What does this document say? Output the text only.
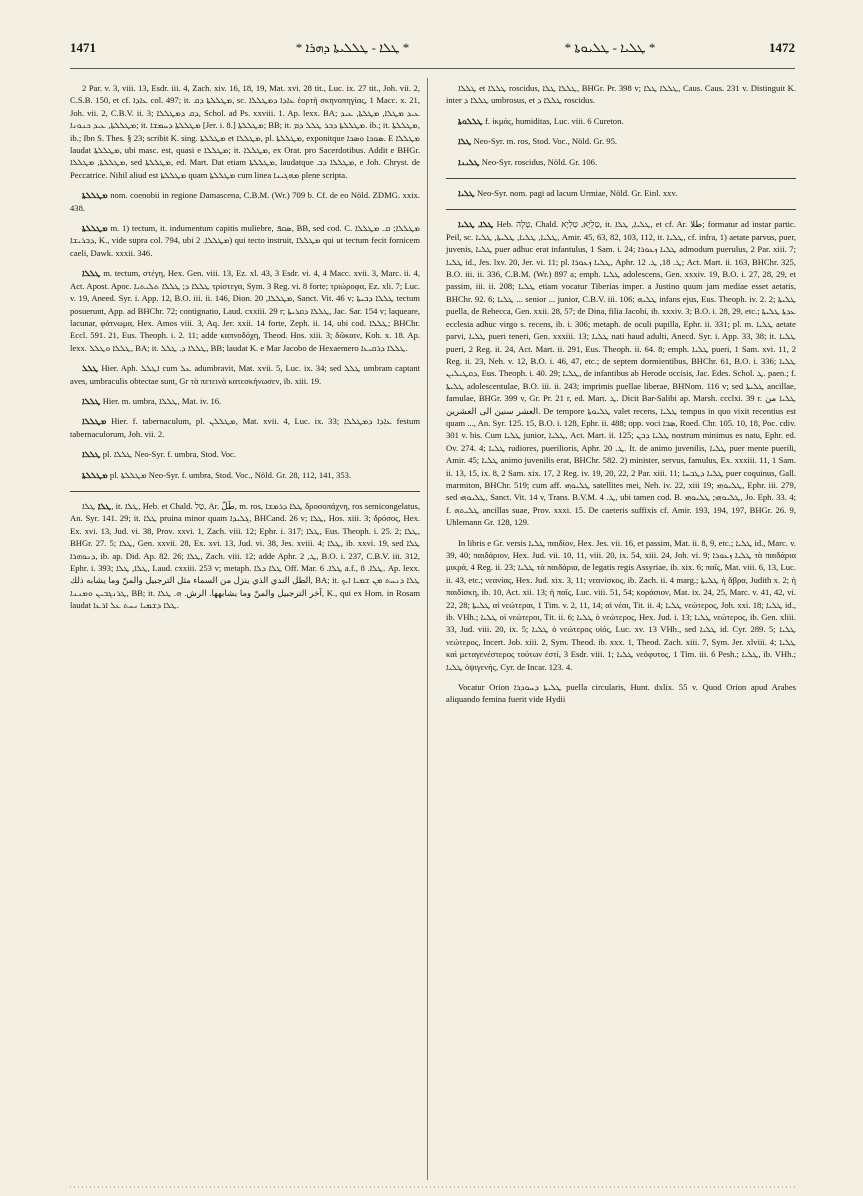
1471	* ܛܠܐ - ܛܠܠܝܬܐ ܕܗܪܐ *	* ܛܠܝܐ - ܛܠܝܘܬܐ *	1472

2 Par. v. 3, viii. 13, Esdr. iii. 4, Zach. xiv. 16, 18, 19, Mat. xvi. 28 tit., Luc. ix. 27 tit., Joh. vii. 2, C.S.B. 150, et cf. ܥܐܕܐ col. 497; it. ܡܛܠܠܬܐ ܕܩ, sc. ܥܐܕܐ ܕܡܛܠܠܐ ἑορτὴ σκηνοπηγίας, 1 Macc. x. 21, Joh. vii. 2, C.B.V. ii. 3; ܕܩ ܕܡܛܠܠܐ, Schol. ad Ps. xxviii. 1. Ap. lexx. BA; ܥܝܕ ܡܛܠܐ, ܡܛܠܬܐ, ܥܝܕ ܡܛܠܠܬܐ, ܥܝܕ ܟܢܘܢܐ; it. ܡܛܠܠܬܐ ܕܚܡܫܐ [Jer. i. 8.] ܡܛܠܠܬܐ; BB; it. ܡܛܠܠܬܐ ܕܒܪ ܛܠܠ ܕܡ. ib.; it. ܡܛܠܠܬܐ, ib.; Ibn S. Thes. § 23; scribit K. sing. ܡܛܠܠܬܐ et ܡܛܠܠܐ, pl. ܡܛܠܠܬܐ, exponitque ܣܘܟܐ ܘܣܟܐ. E ܡܛܠܠܐ laudat ܡܛܠܠܬܐ, ubi masc. est, quasi e ܡܛܠܠܐ; it. ܡܛܠܠܐ, ex Orat. pro Sacerdotibus. Addit e BHGr. ܡܛܠܠܬܐ, ܡܛܠܠܐ, sed ܡܛܠܠܬܐ, ed. Mart. Dat etiam ܡܛܠܠܬܐ, laudatque ܡܛܠܠܐ ܕܒ, e Joh. Chryst. de Peccatrice. Nihil aliud est ܡܛܠܠܬܐ quam ܡܛܠܠܬܐ cum linea ܡܗܓܝܢܐ plene scripta.

ܡܛܠܠܬܐ nom. coenobii in regione Damascena, C.B.M. (Wr.) 709 b. Cf. de eo Nöld. ZDMG. xxix. 438.

ܡܛܠܠܬܐ m. 1) tectum, it. indumentum capitis muliebre, ܣܩܦ, BB, sed cod. C. ܡܛܠܠܐ; ܩ. ܡܛܠܠܐ ܕܒܪܝܫܐ, K., vide supra col. 794, ubi ܡܛܠܠܐ. 2) qui tecto instruit, ܡܛܠܠܐ qui ut tectum fecit fornicem caeli, Dawk. xxxii. 346.

ܛܠܠܐ m. tectum, στέγη, Hex. Gen. viii. 13, Ez. xl. 43, 3 Esdr. vi. 4, 4 Macc. xvii. 3, Marc. ii. 4, Act. Apost. Apoc. ܛܠܠܐ ܕ; ܛܠܠܐ ܬܠܝܬܝܐ τρίστεγα, Sym. 3 Reg. vi. 8 forte; τριώροφα, Ez. xli. 7; Luc. v. 19, Aneed. Syr. i. App. 12, B.O. iii. ii. 146, Dion. ܡܛܠܠܐ, 20, Sanct. Vit. 46 v; ܛܠܠܐ ܕܒܝܬܐ tectum posuerunt, App. ad BHChr. 72; contignatio, Laud. cxxiii. 29 r; ܛܠܠܐ ܕܩܪܝܬܐ, Jac. Sar. 154 v; laqueare, lacunar, φάτνωμα, Hex. Amos viii. 3, Aq. Jer. xxii. 14 forte, Zeph. ii. 14, ubi cod. ܛܠܠܐ; BHChr. Eccl. 591. 21, Eus. Theoph. i. 2. 11; adde καπνοδόχη, Theod. Hos. xiii. 3; δῶκαιν, Koh. x. 18. Ap. lexx. ܛܠܠܐ ܘܛܠܠ, BA; it. ܛܠܠܐ ܕ. ܛܠܠ, BB; laudat K. e Mar Jacobo de Hexaemero ܛܠܠܐ ܕܪܩܝܥܐ.

ܛܠܠ Hier. Aph. ܐܛܠܠ cum ܥܠ adumbravit, Mat. xvii. 5, Luc. ix. 34; sed ܛܠܠ umbram captant aves, umbraculis obtectae sunt, Gr τὰ πετεινὰ κατεσκήνωσεν, ib. xiii. 19.

ܛܠܠܐ Hier. m. umbra, ܛܠܠܐ, Mat. iv. 16.

ܡܛܠܠܐ Hier. f. tabernaculum, pl. ܡܛܠܠܢ, Mat. xvii. 4, Luc. ix. 33; ܥܐܕܐ ܕܡܛܠܠܐ festum tabernaculorum, Joh. vii. 2.

ܛܠܠܐ pl. ܛܠܠܐ Neo-Syr. f. umbra, Stod. Voc.

ܡܛܠܠܬܐ pl. ܡܛܠܠܬܐ Neo-Syr. f. umbra, Stod. Voc., Nöld. Gr. 28, 112, 141, 353.

ܛܠܐ ܛܠܐ, it. ܛܠܐ, Heb. et Chald. טַל, Ar. طَلّ, m. ros, ܛܠܐ ܕܪܡܫܐ δροσοπάχνη, ros semicongelatus, An. Syr. 141. 29; it. ܛܠܐ pruina minor quam ܓܠܝܕܐ, BHCand. 26 v; ܛܠܐ, Hos. xiii. 3; δρόσος, Hex. Ex. xvi. 13, Jud. vi. 38, Prov. xxvi. 1, Zach. viii. 12; Ephr. i. 317; ܛܠܐ, Eus. Theoph. i. 25. 2; ܛܠܐ, BHGr. 27. 5; ܛܠܐ, Gen. xxvii. 28, Ex. xvi. 13, Jud. vi. 38, Jes. xviii. 4; ܛܠܐ, ib. xxvi. 19, sed ܛܠܐ ܕܢܘܗܪܐ, ib. ap. Did. Ap. 82. 26; ܛܠܐ, Zach. viii. 12; adde Aphr. ܛ, 2, B.O. i. 237, C.B.V. iii. 312, Ephr. i. 393; ܛܠܐ, ܛܠܐ, Laud. cxxiii. 253 v; metaph. ܛܠܐ ܕܠܐ Off. Mar. ܛܠܐ. 6 a.f., ܛܠܐ. 8. Ap. lexx. الطل الندي الذي ينزل من السماء مثل الترجبيل والمنّ وما يشابه ذلك, BA; it. ܛܠܐ ܕܢܚܬ ܡܢ ܫܡܝܐ ܐܝܟ ܛܪܢܓܒܝܢ ܘܡܢܢܐ, BB; it. آخر الترجبيل والمنّ وما يشابهها. الرش. ܗ. ܛܠܐ, K., qui ex Hom. in Rosam laudat ܛܠܐ ܕܫܡܝܐ ܢܚܬ ܥܠ ܐܪܥܐ.

ܛܠܠܐ et ܛܠܠܐ roscidus, ܛܠܠܐ ܛܠܐ, BHGr. Pr. 398 v; ܛܠܠܐ ܛܠܐ, Caus. Caus. 231 v. Distinguit K. inter ܛܠܠܐ ܕ umbrosus, et ܛܠܠܐ ܕ roscidus.

ܛܠܠܘܬܐ f. ἰκμάς, humiditas, Luc. viii. 6 Cureton.

ܛܠܐ Neo-Syr. m. ros, Stod. Voc., Nöld. Gr. 95.

ܛܠܝܢܐ Neo-Syr. roscidus, Nöld. Gr. 106.

ܛܠܝܐ Neo-Syr. nom. pagi ad lacum Urmiae, Nöld. Gr. Einl. xxv.

ܛܠܐ, ܛܠܝܐ Heb. טָלֶה, Chald. טַלְיָא, טַלְיָא, it. ܛܠܝܐ, ܛܠܐ, et cf. Ar. طلا; formatur ad instar partic. Peil, sc. ܛܠܝܐ, ܛܠܝܐ, ܛܠܝܬܐ, ܛܠܝܐ, Amir. 45, 63, 82, 103, 112, it. ܛܠܝܐ, cf. infra, 1) aetate parvus, puer, juvenis, ܛܠܝܐ puer adhuc erat infantulus, 1 Sam. i. 24; ܛܠܝܐ ܙܥܘܪܐ admodum puerulus, 2 Par. xiii. 7; ܛܠܝܐ id., Jes. lxv. 20, Jer. vi. 11; pl. ܛܠܝܐ ܙܥܘܪܐ, Aphr. ܛ. 18, ܛ. 12; Act. Mart. ii. 163, BHChr. 325, B.O. iii. ii. 336, C.B.M. (Wr.) 897 a; emph. ܛܠܝܐ adolescens, Gen. xxxiv. 19, B.O. i. 27, 28, 29, et passim, iii. ii. 208; ܛܠܝܐ etiam vocatur Tiberias imper. a Justino quum jam mediae esset aetatis, BHChr. 92. 6; ܛܠܝܐ ... senior ... junior, C.B.V. iii. 106; ܛܠܝܗ infans ejus, Eus. Theoph. iv. 2. 2; ܛܠܝܬܐ puella, de Rebecca, Gen. xxii. 28, 57; de Dina, filia Jacobi, ib. xxxiv. 3; B.O. i. 28, 29, etc.; ܥܕܬܐ ܛܠܝܬܐ ecclesia adhuc virgo s. recens, ib. i. 306; metaph. de oculi pupilla, Ephr. ii. 331; pl. m. ܛܠܝܐ aetate parvi, ܛܠܝܐ pueri teneri, Gen. xxxiii. 13; ܛܠܝܐ nati haud adulti, Anecd. Syr. i. App. 33, 38; it. ܛܠܝܐ pueri, 2 Reg. ii. 24, Act. Mart. ii. 291, Eus. Theoph. ii. 64. 8; emph. ܛܠܝܐ pueri, 1 Sam. xvi. 11, 2 Reg. ii. 23, Neh. v. 12, B.O. i. 46, 47, etc.; de septem dormientibus, BHChr. 61, B.O. i. 336; ܛܠܝܐ ܕܩܛܝܠܝܢ, Eus. Theoph. i. 40. 29; ܛܠܝܐ, de infantibus ab Herode occisis, Jac. Edes. Schol. ܛ. paen.; f. ܛܠܝܬܐ adolescentulae, B.O. iii. ii. 243; imprimis puellae liberae, BHNom. 116 v; sed ܛܠܝܬܐ ancillae, famulae, BHGr. 399 v, Gr. Pr. 21 r, ed. Mart. ܛ. Dicit Bar-Salibi ap. Marsh. ccclxi. 39 r. ܛܠܝܐ من العشر سنين الى العشرين. De tempore ܛܠܝܘܬܐ valet recens, ܛܠܝܐ tempus in quo vixit recentius est quam ..., An. Syr. 125. 15, B.O. i. 128, Ephr. ii. 488; opp. voci ܣܒܐ, Roed. Chr. 105. 10, 18, Poc. cdiv. 301 v. bis. Cum ܛܠܝܐ junior, ܛܠܝܐ, Act. Mart. ii. 125; ܛܠܝܐ ܕܒܢ nostrum minimus es natu, Ephr. ed. Ov. 274. 4; ܛܠܝܐ rudiores, puerilioris, Aphr. ܛ. 20. It. de animo juvenilis, ܛܠܝܐ puer mente puerili, Amir. 45; ܛܠܝܐ animo juvenilis erat, BHChr. 582. 2) minister, servus, famulus, Ex. xxxiii. 11, 1 Sam. ii. 13, 15, ix. 8, 2 Sam. xix. 17, 2 Reg. iv. 19, 20, 22, 2 Par. xiii. 11; ܛܠܝܐ ܕܛܒܚܐ puer coquinus, Gall. marmiton, BHChr. 519; cum aff. ܛܠܝܘܗܝ satellites mei, Neh. iv. 22, xiii 19; ܛܠܝܘܗܝ, Ephr. iii. 279, sed ܛܠܝܘܗܝ, Sanct. Vit. 14 v, Trans. B.V.M. ܛ. 4, ubi tamen cod. B. ܛܠܝܘܗܝ; ܛܠܝܘܗܝ, Jo. Eph. 33. 4; f. ܛܠܝܬܗ ancillas suae, Prov. xxxi. 15. De caeteris suffixis cf. Amir. 193, 194, 197, BHGr. 26. 9, Uhlemann Gr. 128, 129.

In libris e Gr. versis ܛܠܝܐ παιδίον, Hex. Jes. vii. 16, et passim, Mat. ii. 8, 9, etc.; ܛܠܝܐ id., Marc. v. 39, 40; παιδάριον, Hex. Jud. vii. 10, 11, viii. 20, ix. 54, xiii. 24, Joh. vi. 9; ܛܠܝܐ ܙܥܘܪܐ τὰ παιδάρια μικρά, 4 Reg. ii. 23; ܛܠܝܐ τὰ παιδάρια, de legatis regis Assyriae, ib. xix. 6; παῖς, Mat. viii. 6, 13, Luc. ii. 43, etc.; νεανίας, Hex. Jud. xix. 3, 11; νεανίσκος, ib. Zach. ii. 4 marg.; ܛܠܝܬܐ ἡ ἅβρα, Judith x. 2; ἡ παιδίσκη, ib. 10, Act. xii. 13; ἡ παῖς, Luc. viii. 51, 54; κοράσιον, Mat. ix. 24, 25, Marc. v. 41, 42, vi. 22, 28; ܛܠܝܬܐ αἱ νεώτεραι, 1 Tim. v. 2, 11, 14; αἱ νέαι, Tit. ii. 4; ܛܠܝܐ νεώτερος, Joh. xxi. 18; ܛܠܝܐ id., ib. VHh.; ܛܠܝܐ οἱ νεώτεροι, Tit. ii. 6; ܛܠܝܐ ὁ νεώτερος, Hex. Jud. i. 13; ܛܠܝܐ νεώτερος, ib. Gen. xliii. 33, Jud. viii. 20, ix. 5; ܛܠܝܐ ὁ νεώτερος υἱός, Luc. xv. 13 VHh., sed ܛܠܝܐ id. Cyr. 289. 5; ܛܠܝܐ νεώτερος, Incert. Job. xiii. 2, Sym. Theod. ib. xxx. 1, Theod. Zach. xiii. 7, Sym. Jer. xlviii. 4; ܛܠܝܐ καὶ μεταγενέστερος τούτων ἐστί, 3 Esdr. viii. 1; ܛܠܝܐ νεόφυτος, 1 Tim. iii. 6 Pesh.; ܛܠܝܐ, ib. VHh.; ܛܠܝܐ ὀψιγενής, Cyr. de Incar. 123. 4.

Vocatur Orion ܛܠܝܬܐ ܕܚܘܕܪܐ puella circularis, Hunt. dxlix. 55 v. Quod Orion apud Arabes aliquando femina fuerit vide Hydii
